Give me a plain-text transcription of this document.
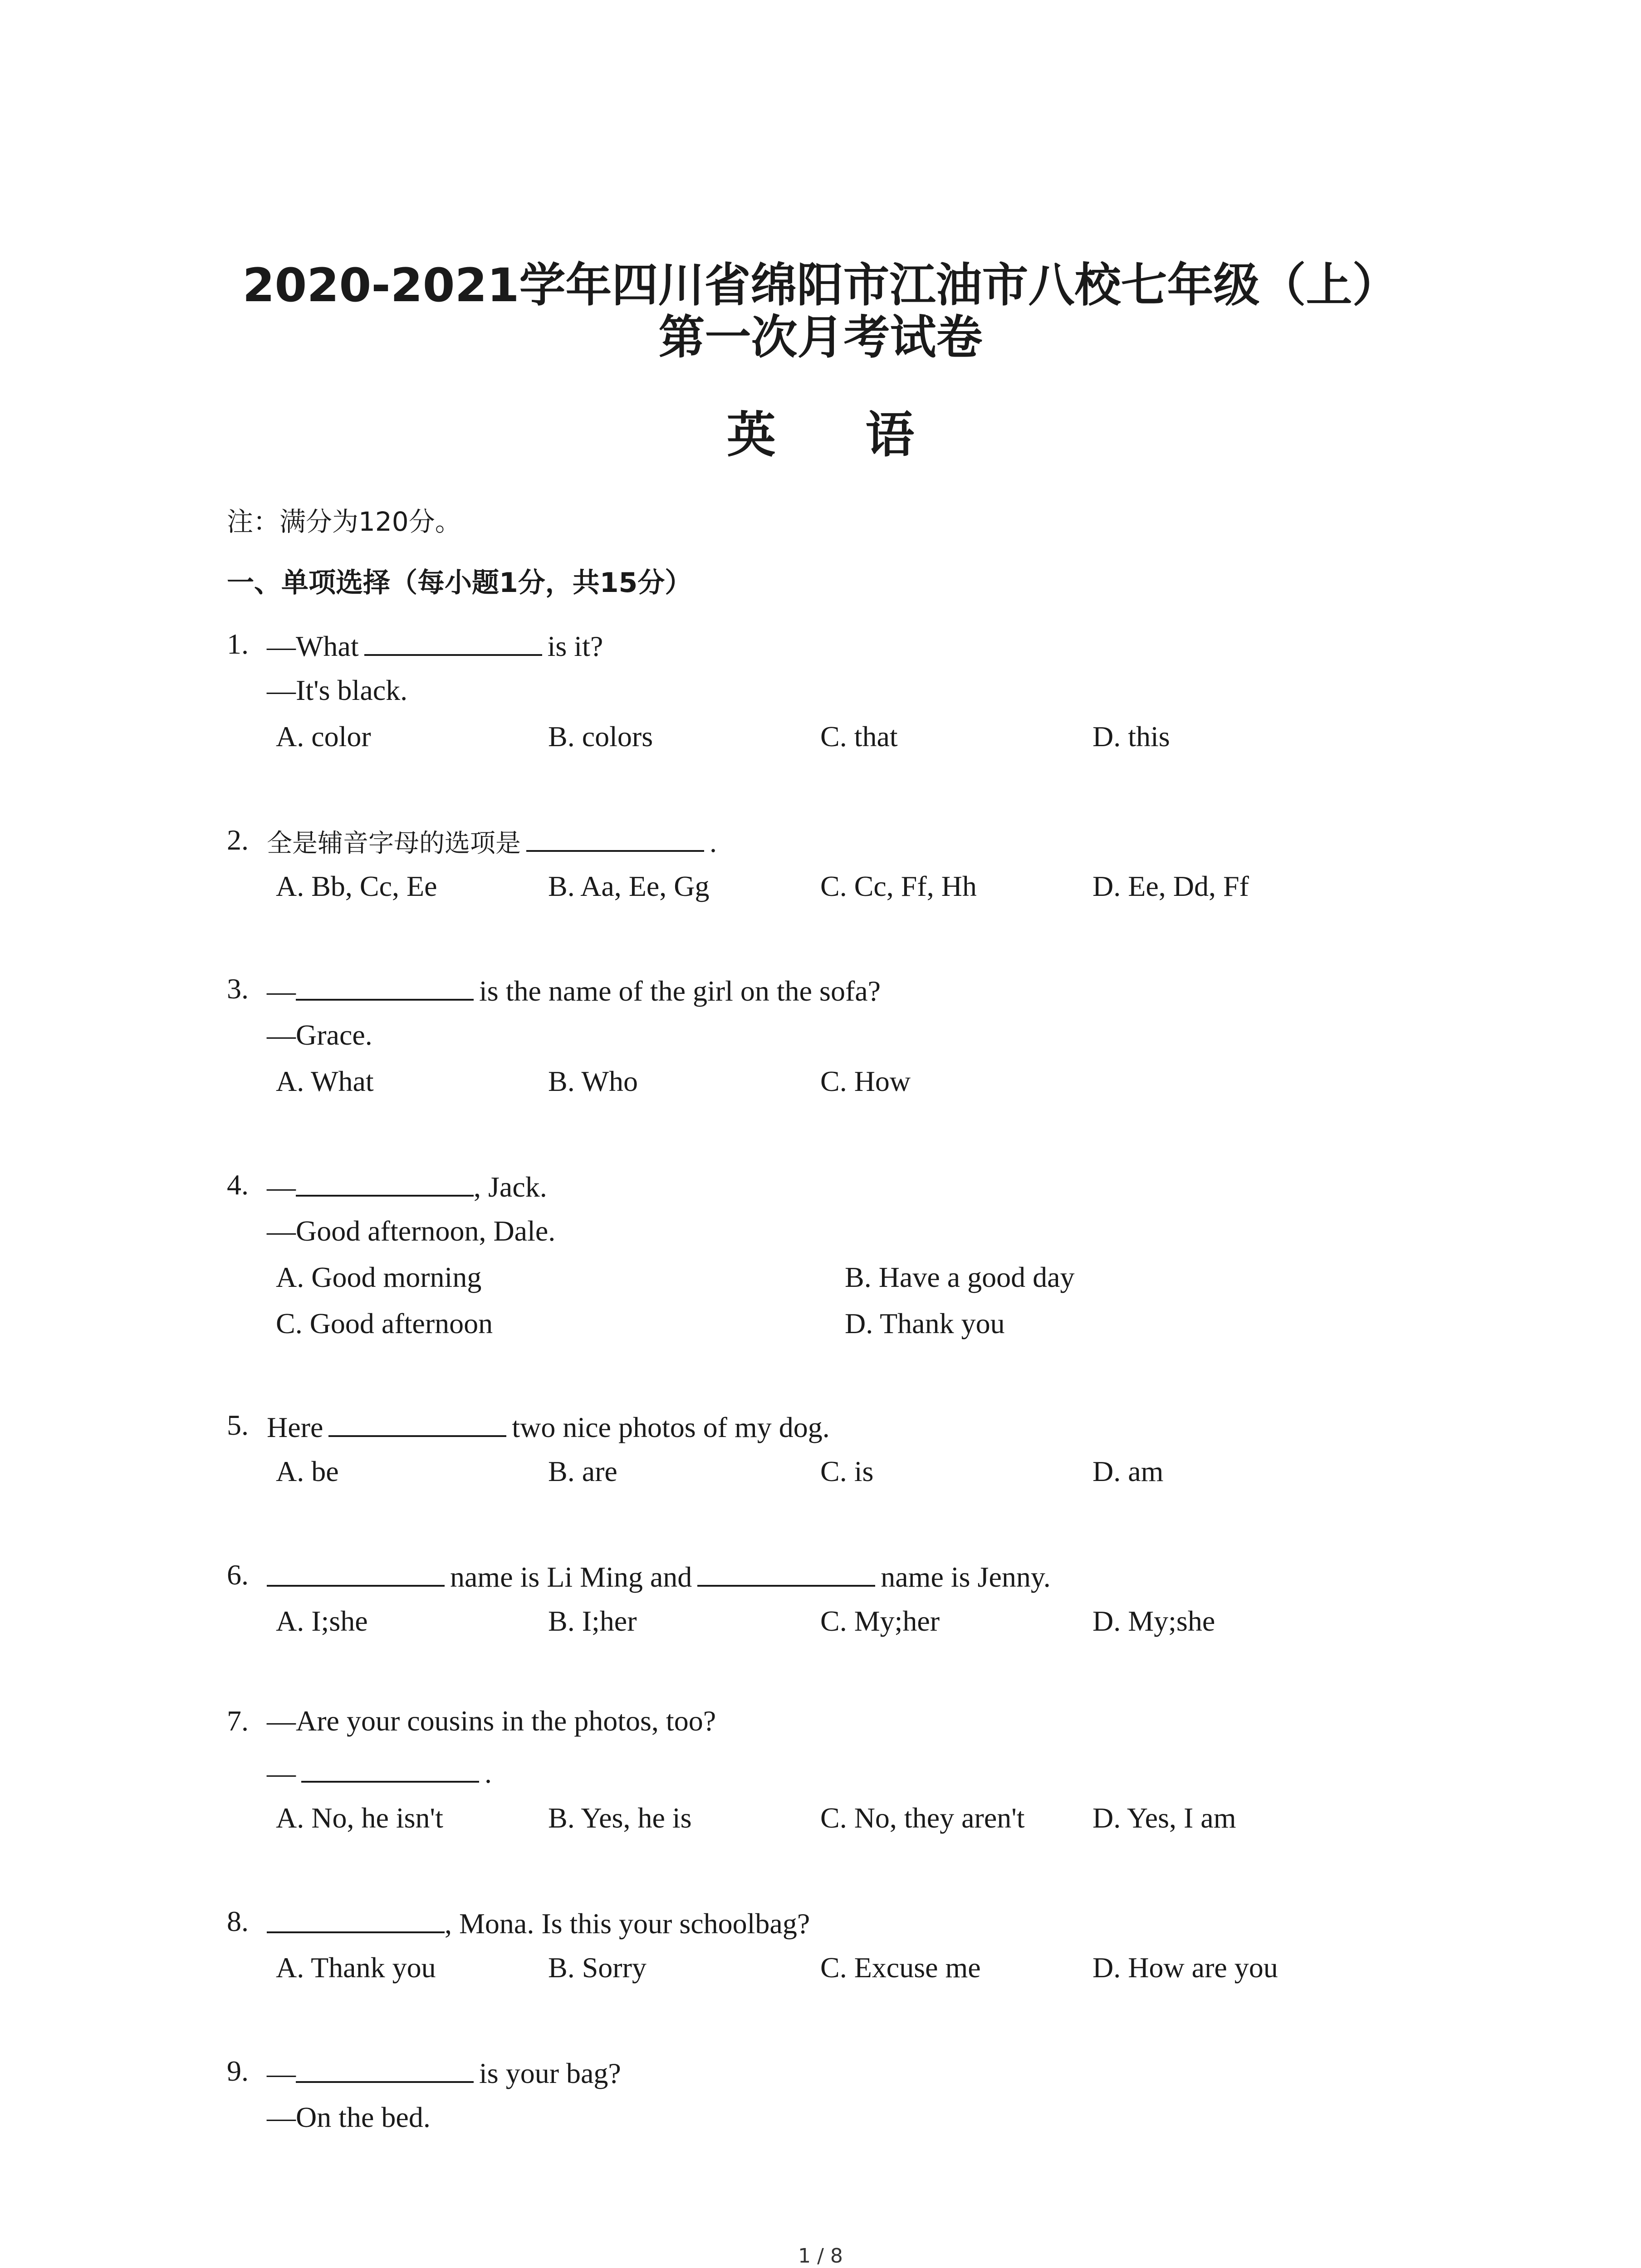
2020-2021学年四川省绵阳市江油市八校七年级（上）
第一次月考试卷
英 语
注：满分为120分。
一、单项选择（每小题1分，共15分）
1. —What	is it?
—It's black.
A. color	B. colors	C. that	D. this
2. 全是辅音字母的选项是	.
A. Bb, Cc, Ee	B. Aa, Ee, Gg	C. Cc, Ff, Hh	D. Ee, Dd, Ff
3. —	is the name of the girl on the sofa?
—Grace.
A. What	B. Who	C. How
4. —	, Jack.
—Good afternoon, Dale.
A. Good morning	B. Have a good day
C. Good afternoon	D. Thank you
5. Here	two nice photos of my dog.
A. be	B. are	C. is	D. am
6.	name is Li Ming and	name is Jenny.
A. I;she	B. I;her	C. My;her	D. My;she
7. —Are your cousins in the photos, too?
—	.
A. No, he isn't	B. Yes, he is	C. No, they aren't D. Yes, I am
8.	, Mona. Is this your schoolbag?
A. Thank you	B. Sorry	C. Excuse me	D. How are you
9. —	is your bag?
—On the bed.
1 / 8
